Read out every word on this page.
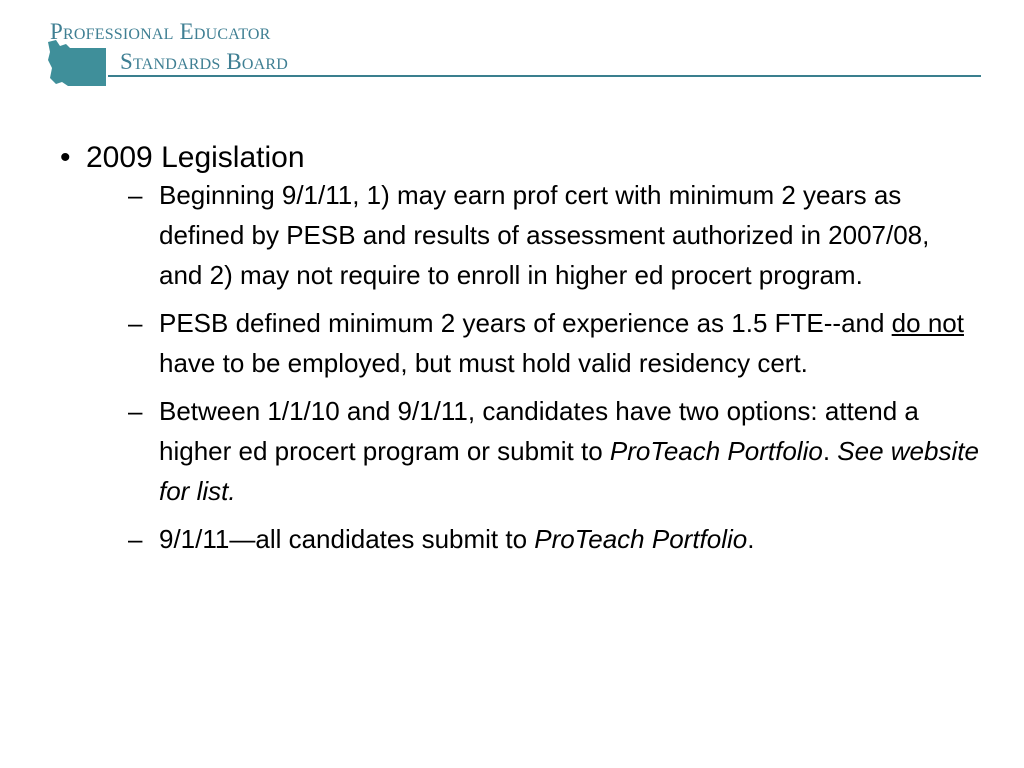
Professional Educator
Standards Board

• 2009 Legislation

– Beginning 9/1/11, 1) may earn prof cert with minimum 2 years as defined by PESB and results of assessment authorized in 2007/08, and 2) may not require to enroll in higher ed procert program.
– PESB defined minimum 2 years of experience as 1.5 FTE--and do not have to be employed, but must hold valid residency cert.
– Between 1/1/10 and 9/1/11, candidates have two options: attend a higher ed procert program or submit to ProTeach Portfolio. See website for list.
– 9/1/11—all candidates submit to ProTeach Portfolio.
